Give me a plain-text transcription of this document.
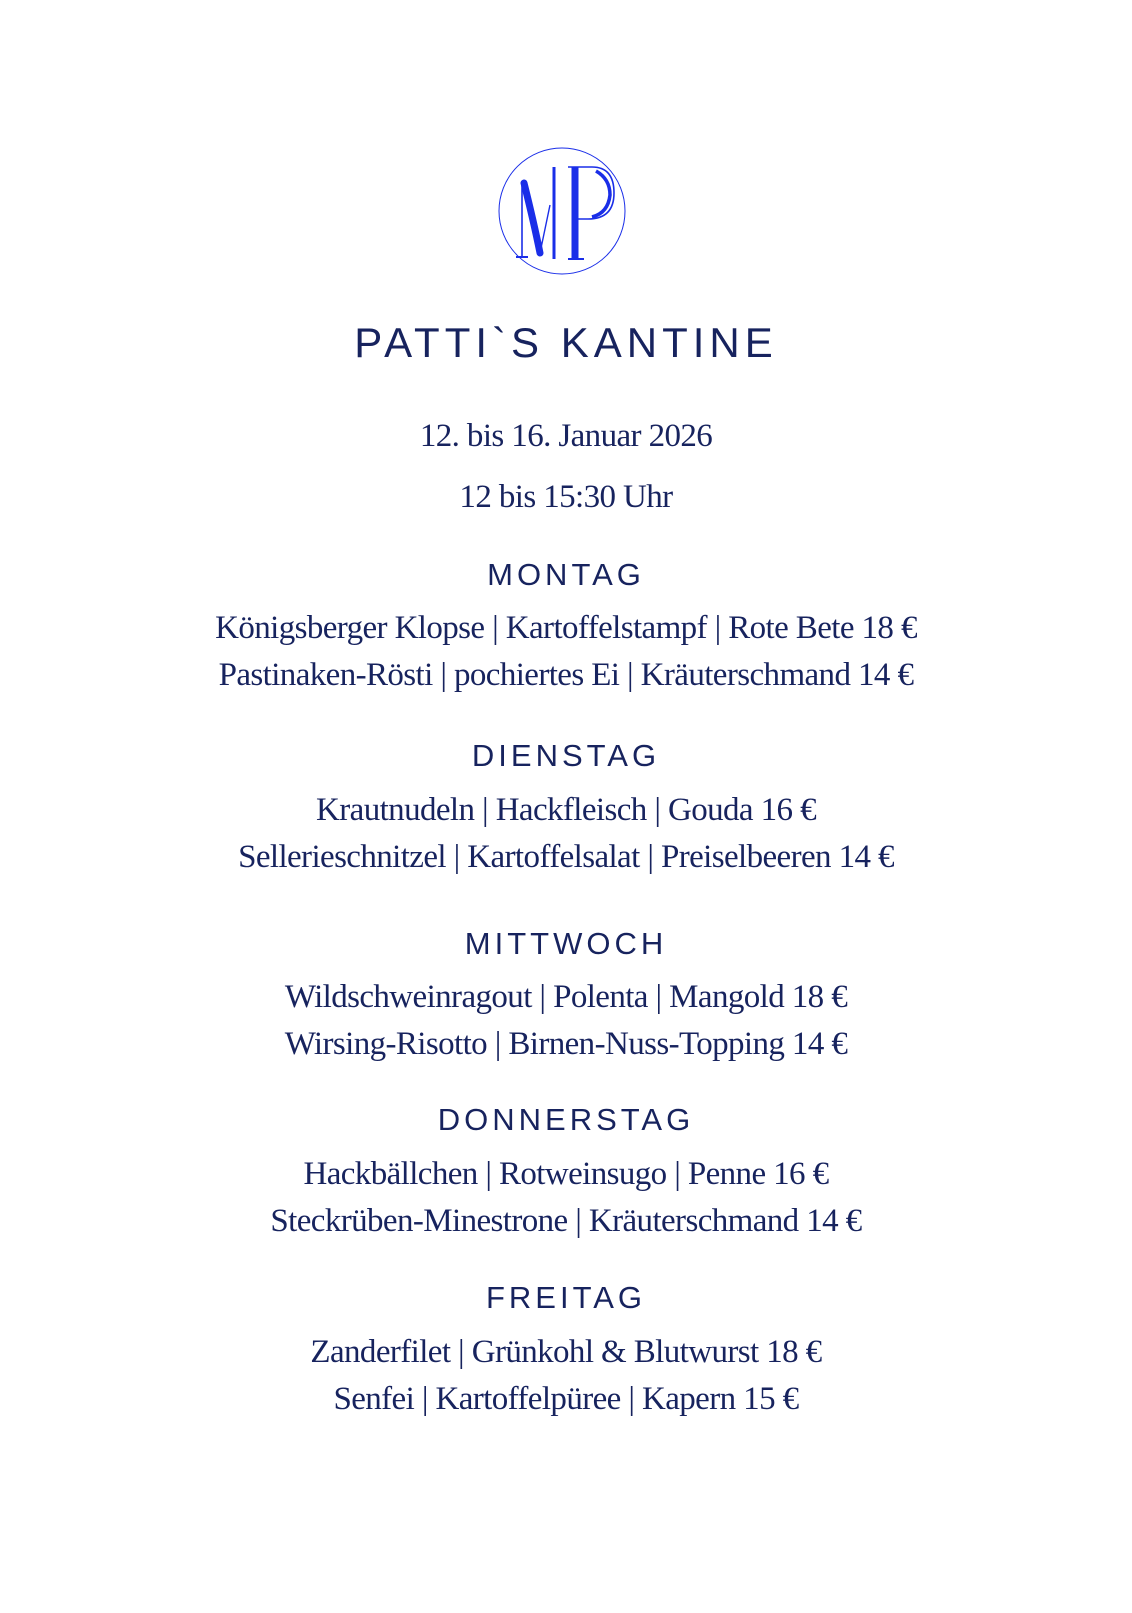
PATTI`S KANTINE
12. bis 16. Januar 2026
12 bis 15:30 Uhr
MONTAG
Königsberger Klopse | Kartoffelstampf | Rote Bete 18 €
Pastinaken-Rösti | pochiertes Ei | Kräuterschmand 14 €
DIENSTAG
Krautnudeln | Hackfleisch | Gouda 16 €
Sellerieschnitzel | Kartoffelsalat | Preiselbeeren 14 €
MITTWOCH
Wildschweinragout | Polenta | Mangold 18 €
Wirsing-Risotto | Birnen-Nuss-Topping 14 €
DONNERSTAG
Hackbällchen | Rotweinsugo | Penne 16 €
Steckrüben-Minestrone | Kräuterschmand 14 €
FREITAG
Zanderfilet | Grünkohl & Blutwurst 18 €
Senfei | Kartoffelpüree | Kapern 15 €
